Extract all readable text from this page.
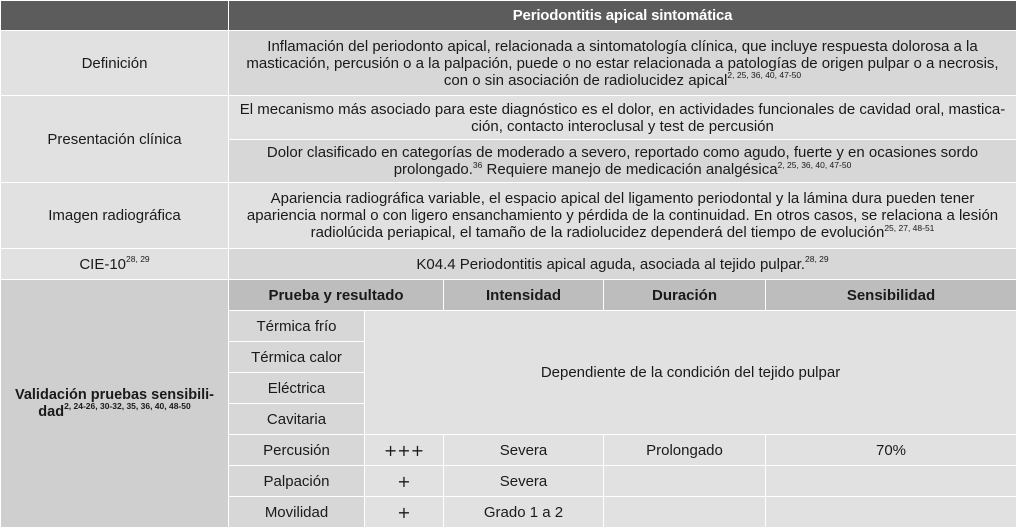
	Periodontitis apical sintomática				
Definición	Inflamación del periodonto apical, relacionada a sintomatología clínica, que incluye respuesta dolorosa a la masticación, percusión o a la palpación, puede o no estar relacionada a patologías de origen pulpar o a necrosis, con o sin asociación de radiolucidez apical$^{2, 25, 36, 40, 47-50}$
Presentación clínica	El mecanismo más asociado para este diagnóstico es el dolor, en actividades funcionales de cavidad oral, mastica-ción, contacto interoclusal y test de percusión				
	Dolor clasificado en categorías de moderado a severo, reportado como agudo, fuerte y en ocasiones sordo prolongado.$^{36}$ Requiere manejo de medicación analgésica$^{2, 25, 36, 40, 47-50}$
Imagen radiográfica	Apariencia radiográfica variable, el espacio apical del ligamento periodontal y la lámina dura pueden tener apariencia normal o con ligero ensanchamiento y pérdida de la continuidad. En otros casos, se relaciona a lesión radiolúcida periapical, el tamaño de la radiolucidez dependerá del tiempo de evolución$^{25, 27, 48-51}$
CIE-10$^{28, 29}$	K04.4 Periodontitis apical aguda, asociada al tejido pulpar.$^{28, 29}$
Validación pruebas sensibili-dad$^{2, 24-26, 30-32, 35, 36, 40, 48-50}$	Prueba y resultado		Intensidad	Duración	Sensibilidad
	Térmica frío	Dependiente de la condición del tejido pulpar			
	Térmica calor				
	Eléctrica				
	Cavitaria				
	Percusión	+++	Severa	Prolongado	70%
	Palpación	+	Severa		
	Movilidad	+	Grado 1 a 2		
